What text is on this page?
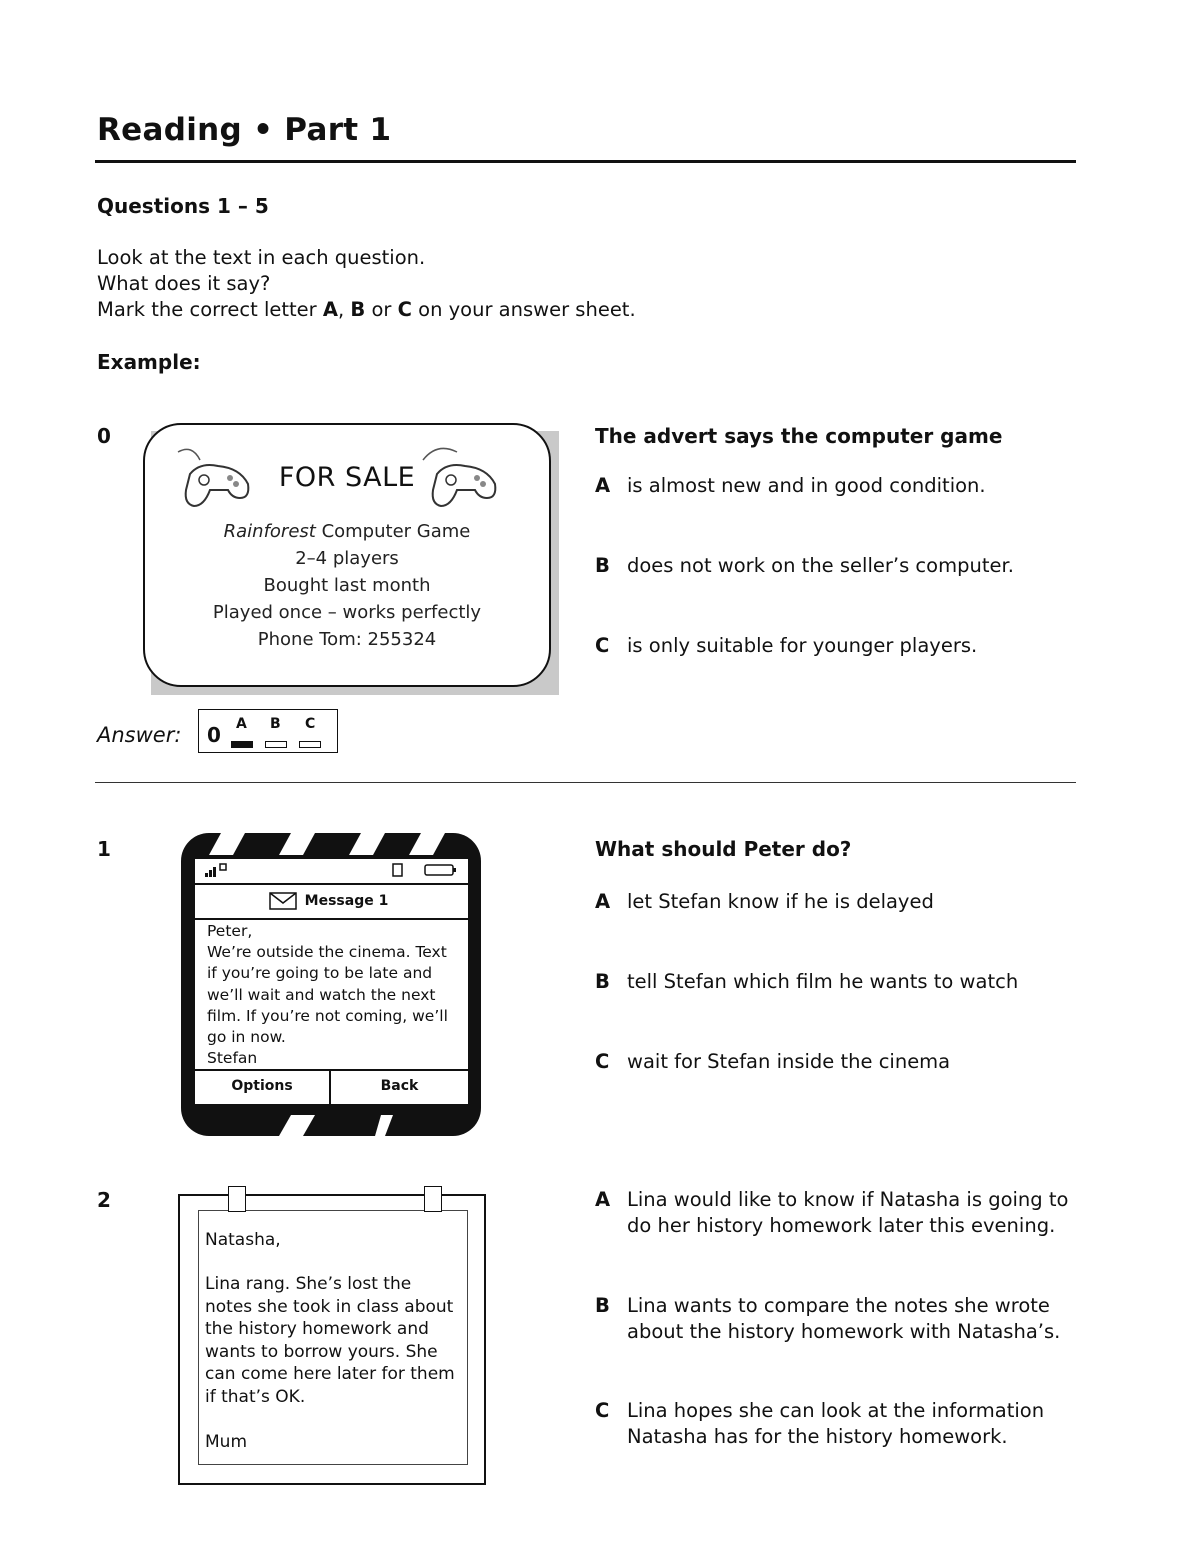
Reading • Part 1
Questions 1 – 5
Look at the text in each question.
What does it say?
Mark the correct letter A, B or C on your answer sheet.
Example:
0
FOR SALE
Rainforest Computer Game
2–4 players
Bought last month
Played once – works perfectly
Phone Tom: 255324
The advert says the computer game
A is almost new and in good condition.
B does not work on the seller’s computer.
C is only suitable for younger players.
Answer: 0 A B C
1
Message 1
Peter,
We’re outside the cinema. Text
if you’re going to be late and
we’ll wait and watch the next
film. If you’re not coming, we’ll
go in now.
Stefan
Options	Back
What should Peter do?
A let Stefan know if he is delayed
B tell Stefan which film he wants to watch
C wait for Stefan inside the cinema
2
Natasha,
Lina rang. She’s lost the
notes she took in class about
the history homework and
wants to borrow yours. She
can come here later for them
if that’s OK.
Mum
A Lina would like to know if Natasha is going to do her history homework later this evening.
B Lina wants to compare the notes she wrote about the history homework with Natasha’s.
C Lina hopes she can look at the information Natasha has for the history homework.
